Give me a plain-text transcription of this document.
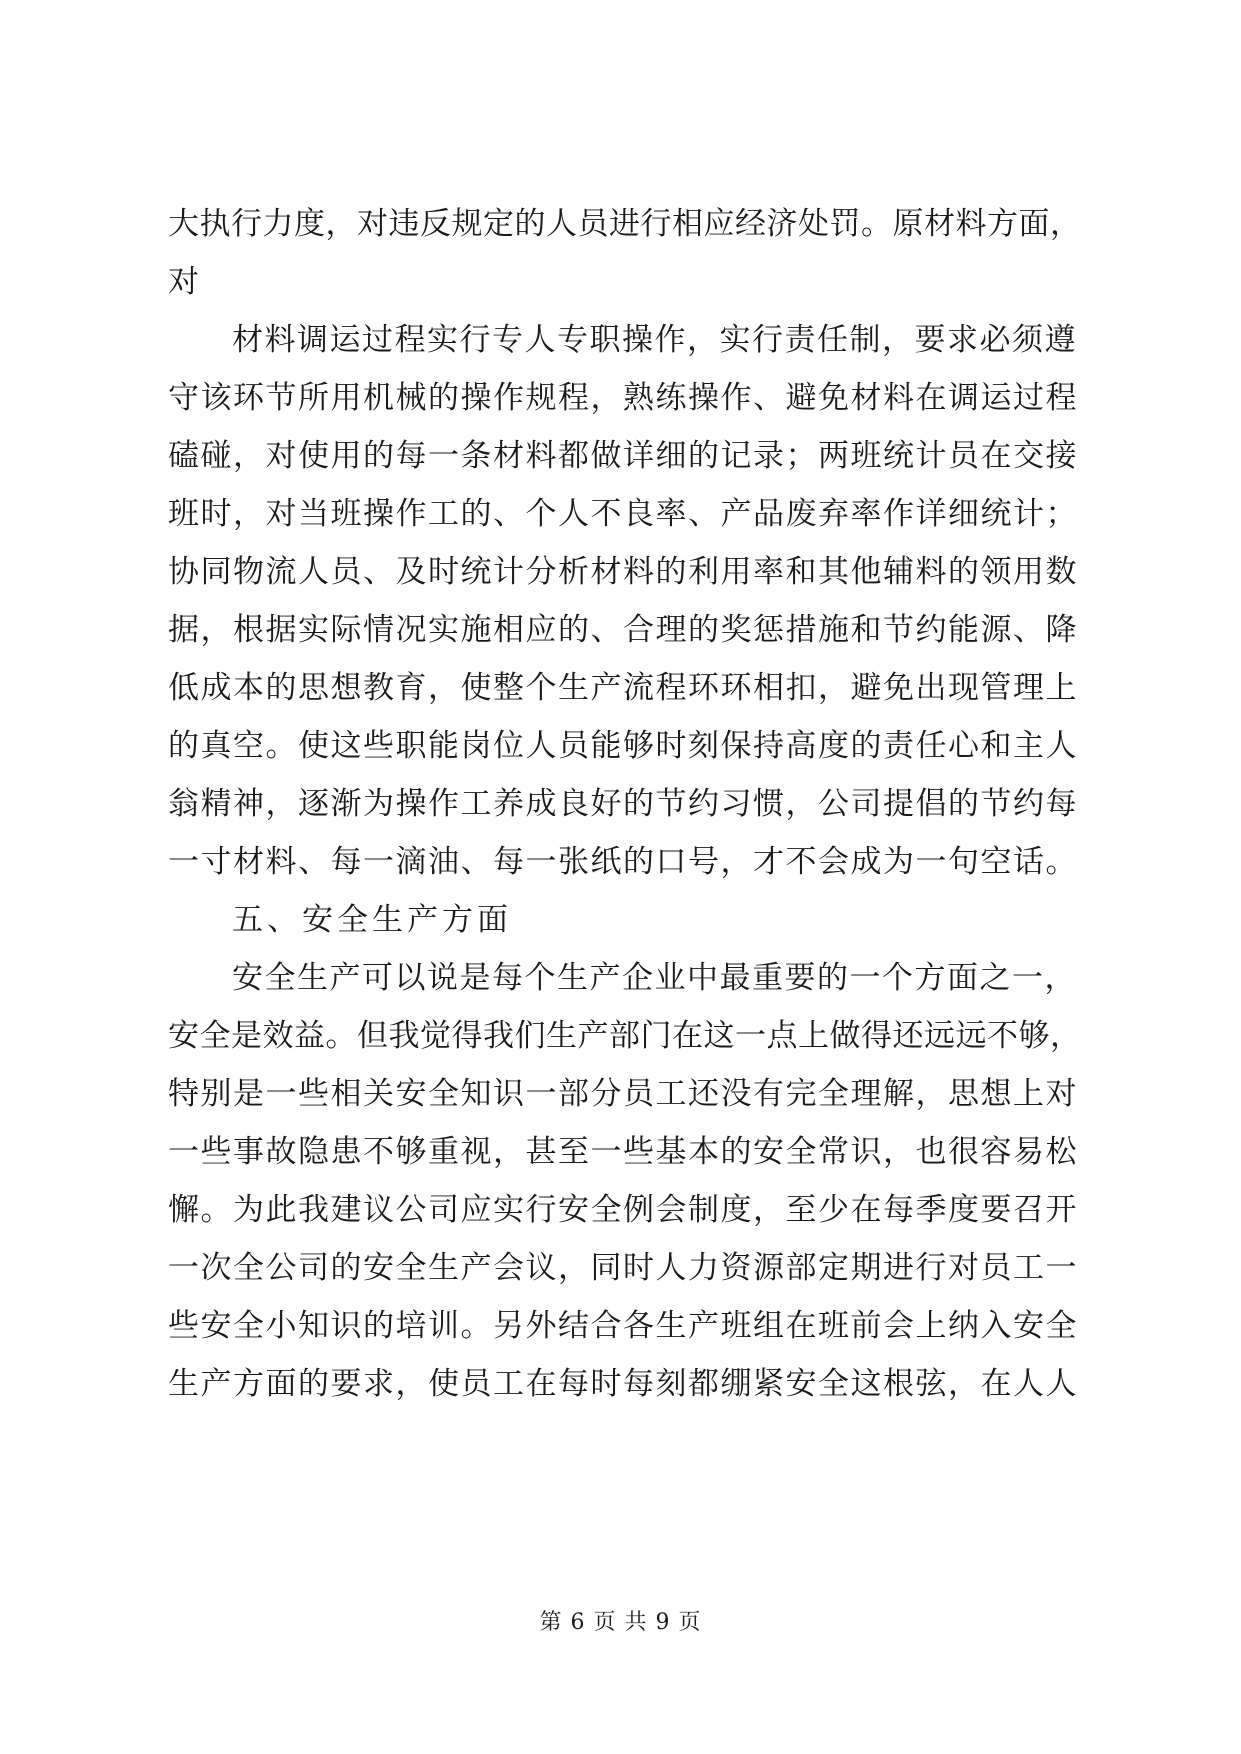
大执行力度，对违反规定的人员进行相应经济处罚。原材料方面，
对
材料调运过程实行专人专职操作，实行责任制，要求必须遵
守该环节所用机械的操作规程，熟练操作、避免材料在调运过程
磕碰，对使用的每一条材料都做详细的记录；两班统计员在交接
班时，对当班操作工的、个人不良率、产品废弃率作详细统计；
协同物流人员、及时统计分析材料的利用率和其他辅料的领用数
据，根据实际情况实施相应的、合理的奖惩措施和节约能源、降
低成本的思想教育，使整个生产流程环环相扣，避免出现管理上
的真空。使这些职能岗位人员能够时刻保持高度的责任心和主人
翁精神，逐渐为操作工养成良好的节约习惯，公司提倡的节约每
一寸材料、每一滴油、每一张纸的口号，才不会成为一句空话。
五、安全生产方面
安全生产可以说是每个生产企业中最重要的一个方面之一，
安全是效益。但我觉得我们生产部门在这一点上做得还远远不够，
特别是一些相关安全知识一部分员工还没有完全理解，思想上对
一些事故隐患不够重视，甚至一些基本的安全常识，也很容易松
懈。为此我建议公司应实行安全例会制度，至少在每季度要召开
一次全公司的安全生产会议，同时人力资源部定期进行对员工一
些安全小知识的培训。另外结合各生产班组在班前会上纳入安全
生产方面的要求，使员工在每时每刻都绷紧安全这根弦，在人人
第 6 页 共 9 页
